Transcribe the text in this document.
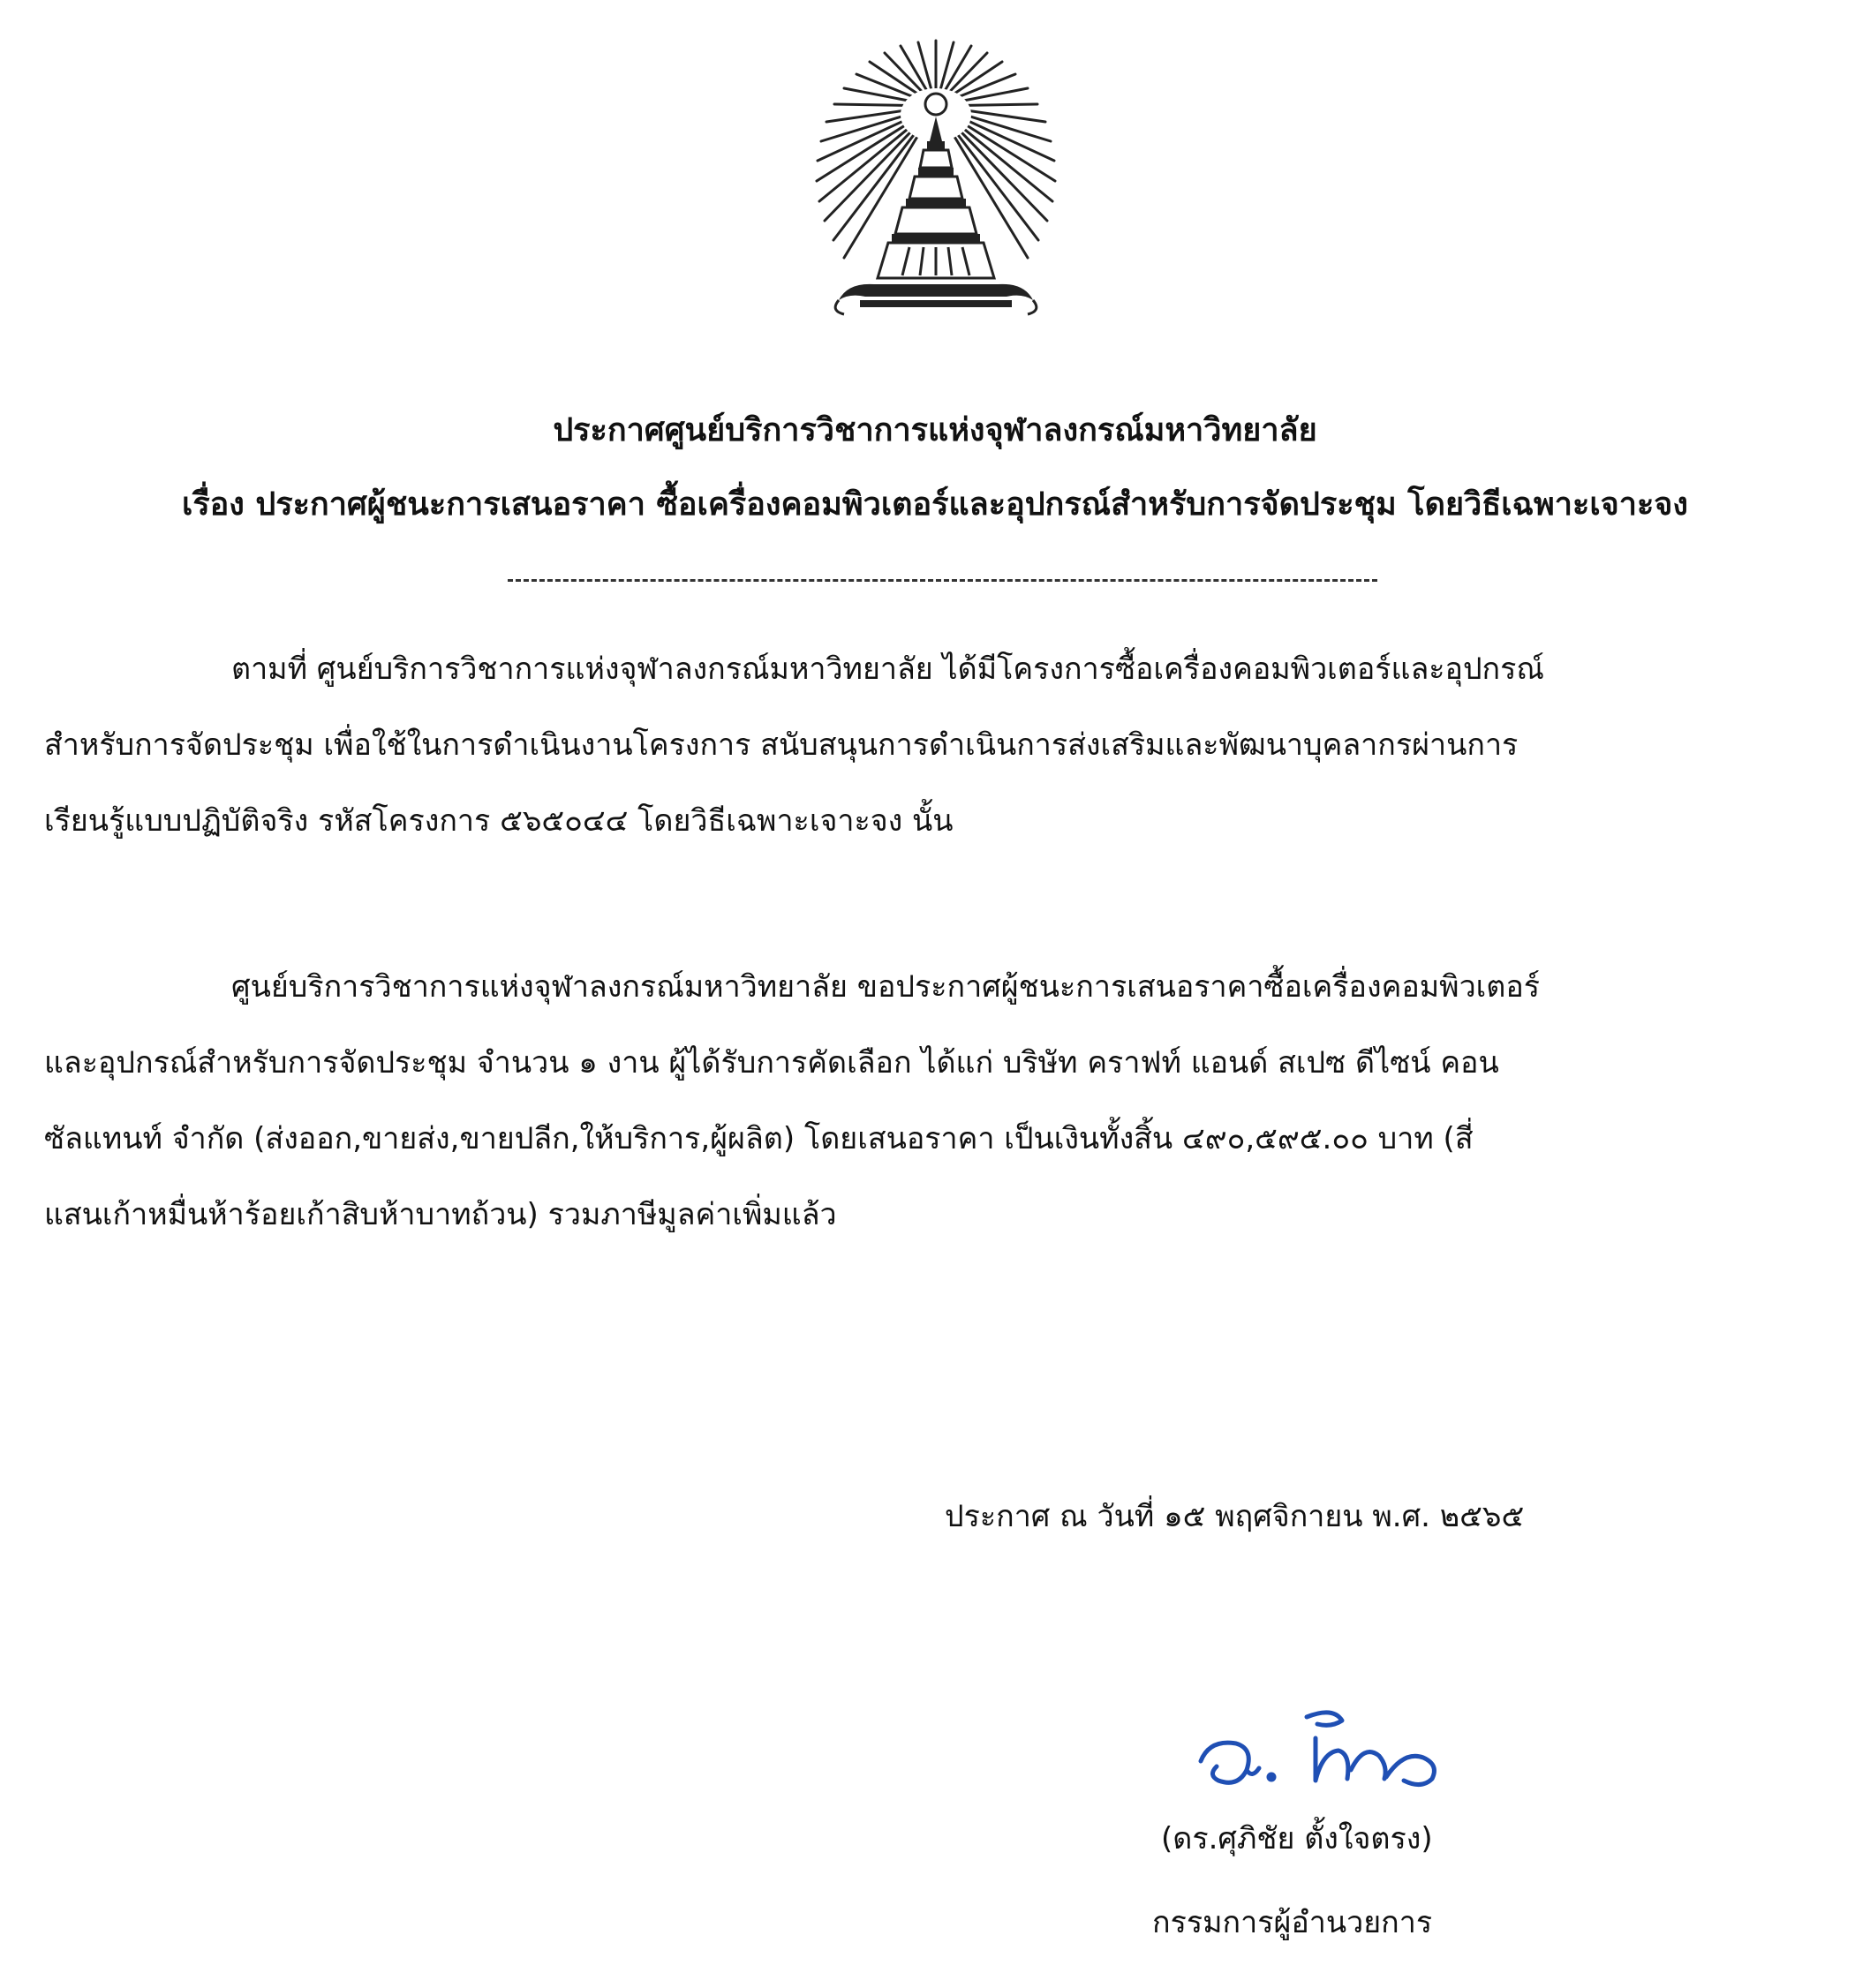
ประกาศศูนย์บริการวิชาการแห่งจุฬาลงกรณ์มหาวิทยาลัย
เรื่อง ประกาศผู้ชนะการเสนอราคา ซื้อเครื่องคอมพิวเตอร์และอุปกรณ์สำหรับการจัดประชุม โดยวิธีเฉพาะเจาะจง
ตามที่ ศูนย์บริการวิชาการแห่งจุฬาลงกรณ์มหาวิทยาลัย ได้มีโครงการซื้อเครื่องคอมพิวเตอร์และอุปกรณ์
สำหรับการจัดประชุม เพื่อใช้ในการดำเนินงานโครงการ สนับสนุนการดำเนินการส่งเสริมและพัฒนาบุคลากรผ่านการ
เรียนรู้แบบปฏิบัติจริง รหัสโครงการ ๕๖๕๐๔๔ โดยวิธีเฉพาะเจาะจง นั้น
ศูนย์บริการวิชาการแห่งจุฬาลงกรณ์มหาวิทยาลัย ขอประกาศผู้ชนะการเสนอราคาซื้อเครื่องคอมพิวเตอร์
และอุปกรณ์สำหรับการจัดประชุม จำนวน ๑ งาน ผู้ได้รับการคัดเลือก ได้แก่ บริษัท คราฟท์ แอนด์ สเปซ ดีไซน์ คอน
ซัลแทนท์ จำกัด (ส่งออก,ขายส่ง,ขายปลีก,ให้บริการ,ผู้ผลิต) โดยเสนอราคา เป็นเงินทั้งสิ้น ๔๙๐,๕๙๕.๐๐ บาท (สี่
แสนเก้าหมื่นห้าร้อยเก้าสิบห้าบาทถ้วน) รวมภาษีมูลค่าเพิ่มแล้ว
ประกาศ ณ วันที่ ๑๕ พฤศจิกายน พ.ศ. ๒๕๖๕
(ดร.ศุภิชัย ตั้งใจตรง)
กรรมการผู้อำนวยการ
